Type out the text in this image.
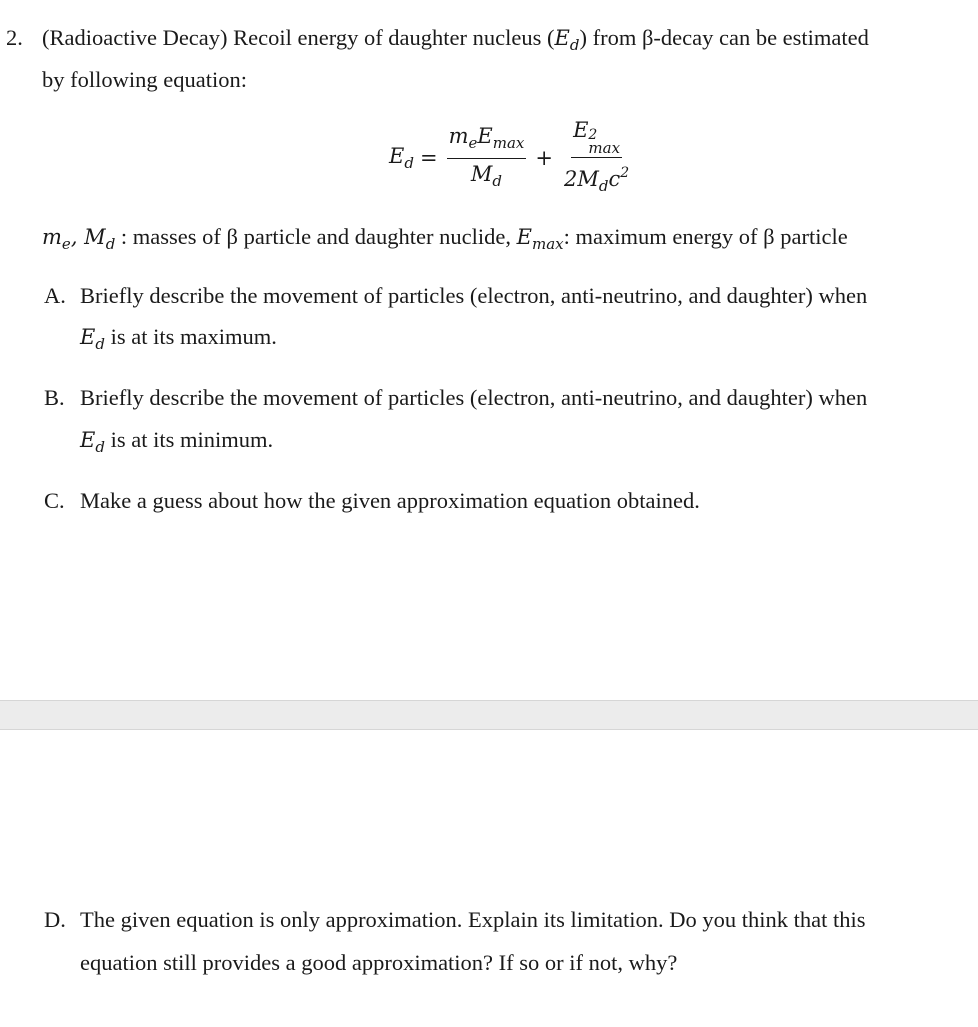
2. (Radioactive Decay) Recoil energy of daughter nucleus $(E_d)$ from β-decay can be estimated
by following equation:
$E_d = \frac{m_eE_{max}}{M_d} + E$ 2
max
$2M_dc^2$
$m_e$, $M_d$ : masses of β particle and daughter nuclide, $E_{max}$: maximum energy of β particle
A. Briefly describe the movement of particles (electron, anti-neutrino, and daughter) when
$E_d$ is at its maximum.
B. Briefly describe the movement of particles (electron, anti-neutrino, and daughter) when
$E_d$ is at its minimum.
C. Make a guess about how the given approximation equation obtained.
D. The given equation is only approximation. Explain its limitation. Do you think that this
equation still provides a good approximation? If so or if not, why?
